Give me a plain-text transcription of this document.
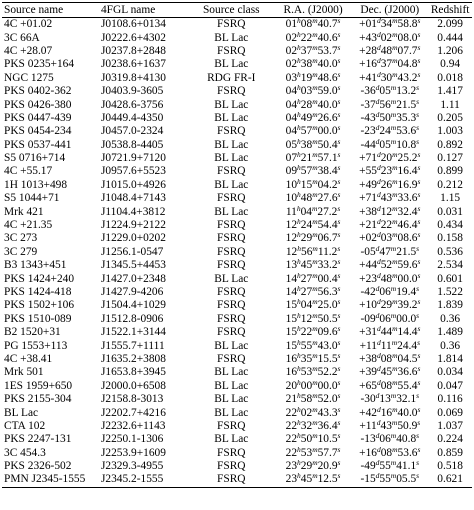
Source name	4FGL name	Source class	R.A. (J2000)	Dec. (J2000)	Redshift
4C +01.02	J0108.6+0134	FSRQ	$01^h08^m40.7^s$	$+01^d34^m58.8^s$	2.099
3C 66A	J0222.6+4302	BL Lac	$02^h22^m40.6^s$	$+43^d02^m08.0^s$	0.444
4C +28.07	J0237.8+2848	FSRQ	$02^h37^m53.7^s$	$+28^d48^m07.7^s$	1.206
PKS 0235+164	J0238.6+1637	BL Lac	$02^h38^m40.0^s$	$+16^d37^m04.8^s$	0.94
NGC 1275	J0319.8+4130	RDG FR-I	$03^h19^m48.6^s$	$+41^d30^m43.2^s$	0.018
PKS 0402-362	J0403.9-3605	FSRQ	04$^h$03$^m$59.0$^s$	-36$^d$05$^m$13.2$^s$	1.417
PKS 0426-380	J0428.6-3756	BL Lac	04$^h$28$^m$40.0$^s$	-37$^d$56$^m$21.5$^s$	1.11
PKS 0447-439	J0449.4-4350	BL Lac	04$^h$49$^m$26.6$^s$	-43$^d$50$^m$35.3$^s$	0.205
PKS 0454-234	J0457.0-2324	FSRQ	04$^h$57$^m$00.0$^s$	-23$^d$24$^m$53.6$^s$	1.003
PKS 0537-441	J0538.8-4405	BL Lac	05$^h$38$^m$50.4$^s$	-44$^d$05$^m$10.8$^s$	0.892
S5 0716+714	J0721.9+7120	BL Lac	$07^h21^m57.1^s$	$+71^d20^m25.2^s$	0.127
4C +55.17	J0957.6+5523	FSRQ	$09^h57^m38.4^s$	$+55^d23^m16.4^s$	0.899
1H 1013+498	J1015.0+4926	BL Lac	$10^h15^m04.2^s$	$+49^d26^m16.9^s$	0.212
S5 1044+71	J1048.4+7143	FSRQ	$10^h48^m27.6^s$	$+71^d43^m33.6^s$	1.15
Mrk 421	J1104.4+3812	BL Lac	$11^h04^m27.2^s$	$+38^d12^m32.4^s$	0.031
4C +21.35	J1224.9+2122	FSRQ	$12^h24^m54.4^s$	$+21^d22^m46.4^s$	0.434
3C 273	J1229.0+0202	FSRQ	$12^h29^m06.7^s$	$+02^d03^m08.6^s$	0.158
3C 279	J1256.1-0547	FSRQ	12$^h$56$^m$11.2$^s$	-05$^d$47$^m$21.5$^s$	0.536
B3 1343+451	J1345.5+4453	FSRQ	$13^h45^m33.2^s$	$+44^d52^m59.6^s$	2.534
PKS 1424+240	J1427.0+2348	BL Lac	$14^h27^m00.4^s$	$+23^d48^m00.0^s$	0.601
PKS 1424-418	J1427.9-4206	FSRQ	14$^h$27$^m$56.3$^s$	-42$^d$06$^m$19.4$^s$	1.522
PKS 1502+106	J1504.4+1029	FSRQ	$15^h04^m25.0^s$	$+10^d29^m39.2^s$	1.839
PKS 1510-089	J1512.8-0906	FSRQ	15$^h$12$^m$50.5$^s$	-09$^d$06$^m$00.0$^s$	0.36
B2 1520+31	J1522.1+3144	FSRQ	$15^h22^m09.6^s$	$+31^d44^m14.4^s$	1.489
PG 1553+113	J1555.7+1111	BL Lac	$15^h55^m43.0^s$	$+11^d11^m24.4^s$	0.36
4C +38.41	J1635.2+3808	FSRQ	$16^h35^m15.5^s$	$+38^d08^m04.5^s$	1.814
Mrk 501	J1653.8+3945	BL Lac	$16^h53^m52.2^s$	$+39^d45^m36.6^s$	0.034
1ES 1959+650	J2000.0+6508	BL Lac	$20^h00^m00.0^s$	$+65^d08^m55.4^s$	0.047
PKS 2155-304	J2158.8-3013	BL Lac	21$^h$58$^m$52.0$^s$	-30$^d$13$^m$32.1$^s$	0.116
BL Lac	J2202.7+4216	BL Lac	$22^h02^m43.3^s$	$+42^d16^m40.0^s$	0.069
CTA 102	J2232.6+1143	FSRQ	$22^h32^m36.4^s$	$+11^d43^m50.9^s$	1.037
PKS 2247-131	J2250.1-1306	BL Lac	22$^h$50$^m$10.5$^s$	-13$^d$06$^m$40.8$^s$	0.224
3C 454.3	J2253.9+1609	FSRQ	$22^h53^m57.7^s$	$+16^d08^m53.6^s$	0.859
PKS 2326-502	J2329.3-4955	FSRQ	23$^h$29$^m$20.9$^s$	-49$^d$55$^m$41.1$^s$	0.518
PMN J2345-1555	J2345.2-1555	FSRQ	23$^h$45$^m$12.5$^s$	-15$^d$55$^m$05.5$^s$	0.621
